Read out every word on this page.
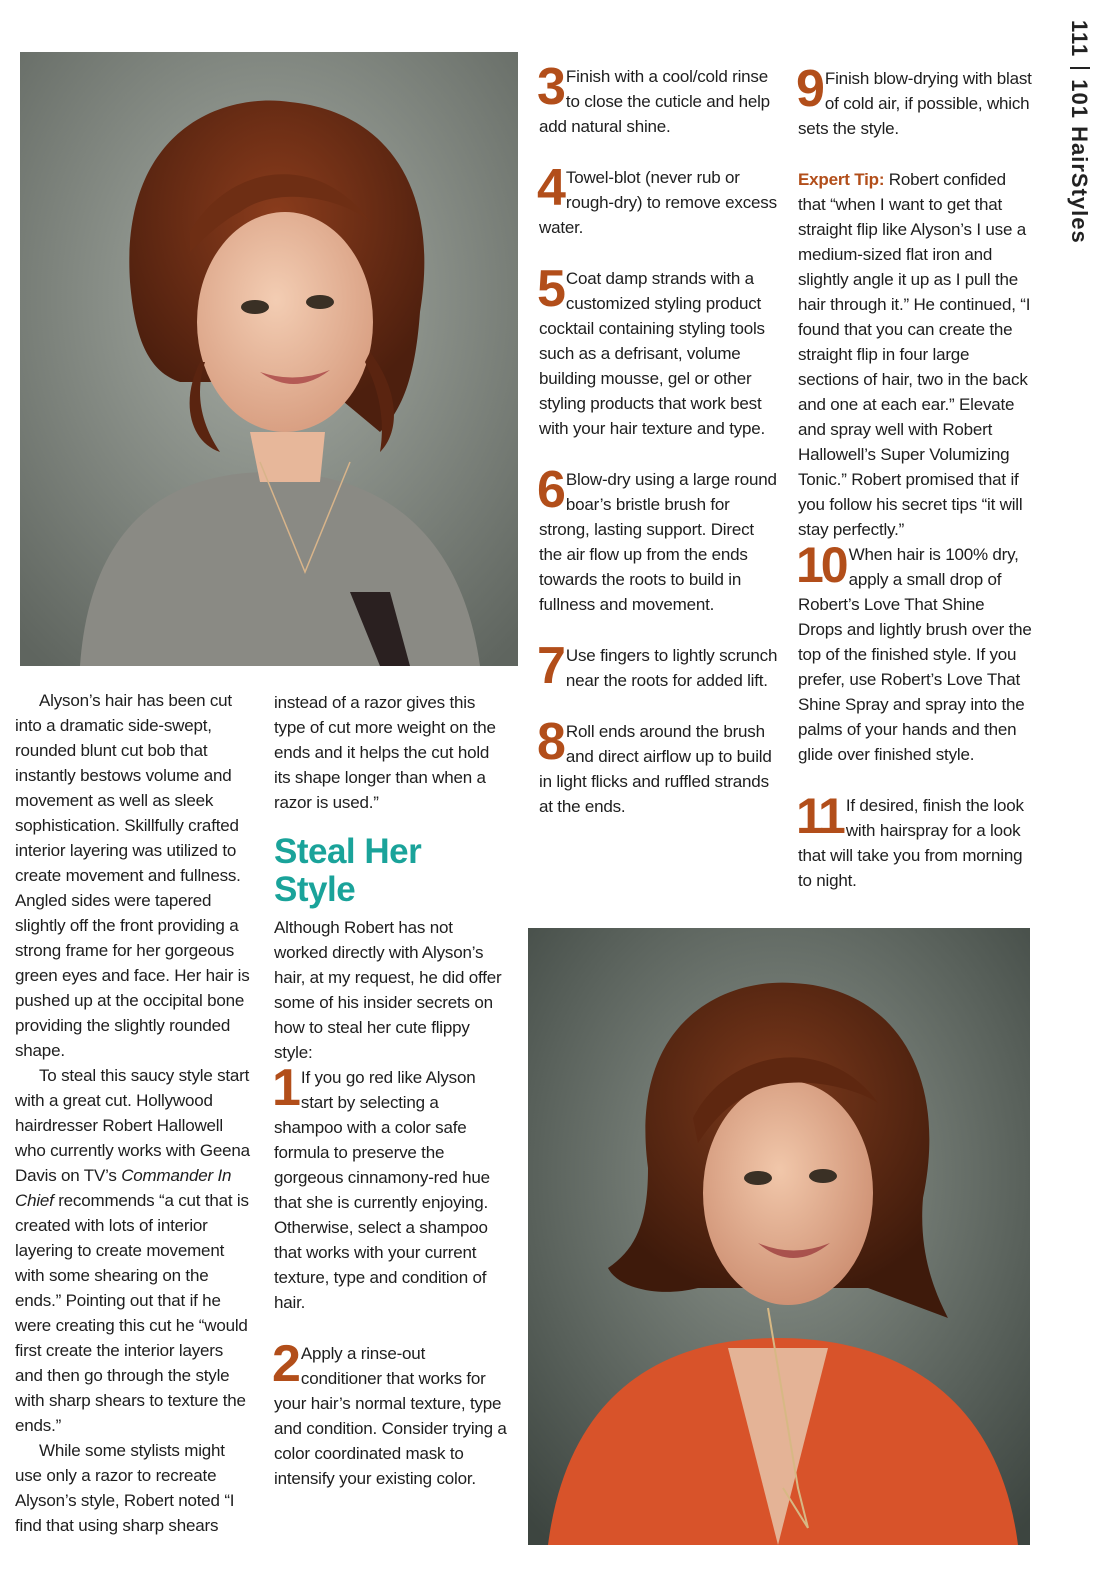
111101 HairStyles

Alyson’s hair has been cut into a dramatic side-swept, rounded blunt cut bob that instantly bestows volume and movement as well as sleek sophistication. Skillfully crafted interior layering was utilized to create movement and fullness. Angled sides were tapered slightly off the front providing a strong frame for her gorgeous green eyes and face. Her hair is pushed up at the occipital bone providing the slightly rounded shape.

To steal this saucy style start with a great cut. Hollywood hairdresser Robert Hallowell who currently works with Geena Davis on TV’s Commander In Chief recommends “a cut that is created with lots of interior layering to create movement with some shearing on the ends.” Pointing out that if he were creating this cut he “would first create the interior layers and then go through the style with sharp shears to texture the ends.”

While some stylists might use only a razor to recreate Alyson’s style, Robert noted “I find that using sharp shears

instead of a razor gives this type of cut more weight on the ends and it helps the cut hold its shape longer than when a razor is used.”

Steal Her Style

Although Robert has not worked directly with Alyson’s hair, at my request, he did offer some of his insider secrets on how to steal her cute flippy style:

1 If you go red like Alyson start by selecting a shampoo with a color safe formula to preserve the gorgeous cinnamony-red hue that she is currently enjoying. Otherwise, select a shampoo that works with your current texture, type and condition of hair.
2 Apply a rinse-out conditioner that works for your hair’s normal texture, type and condition. Consider trying a color coordinated mask to intensify your existing color.
3 Finish with a cool/cold rinse to close the cuticle and help add natural shine.
4 Towel-blot (never rub or rough-dry) to remove excess water.
5 Coat damp strands with a customized styling product cocktail containing styling tools such as a defrisant, volume building mousse, gel or other styling products that work best with your hair texture and type.
6 Blow-dry using a large round boar’s bristle brush for strong, lasting support. Direct the air flow up from the ends towards the roots to build in fullness and movement.
7 Use fingers to lightly scrunch near the roots for added lift.
8 Roll ends around the brush and direct airflow up to build in light flicks and ruffled strands at the ends.
9 Finish blow-drying with blast of cold air, if possible, which sets the style.

Expert Tip: Robert confided that “when I want to get that straight flip like Alyson’s I use a medium-sized flat iron and slightly angle it up as I pull the hair through it.” He continued, “I found that you can create the straight flip in four large sections of hair, two in the back and one at each ear.” Elevate and spray well with Robert Hallowell’s Super Volumizing Tonic.” Robert promised that if you follow his secret tips “it will stay perfectly.”

10 When hair is 100% dry, apply a small drop of Robert’s Love That Shine Drops and lightly brush over the top of the finished style. If you prefer, use Robert’s Love That Shine Spray and spray into the palms of your hands and then glide over finished style.
11 If desired, finish the look with hairspray for a look that will take you from morning to night.
